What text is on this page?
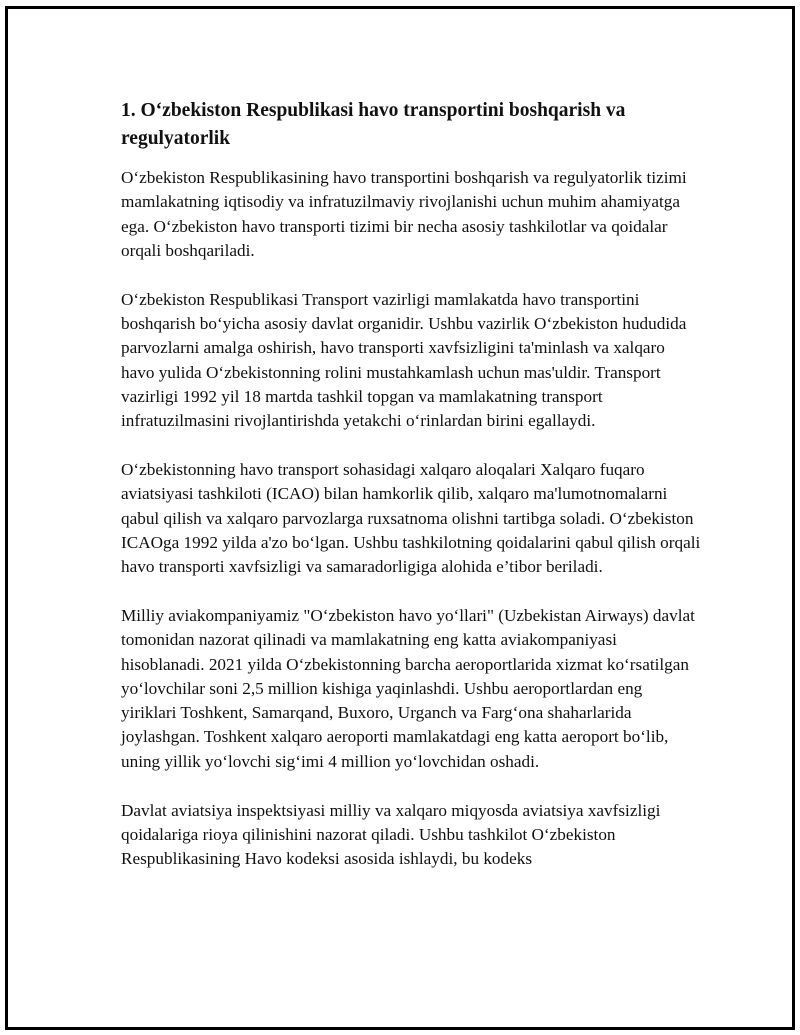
1. O‘zbekiston Respublikasi havo transportini boshqarish va regulyatorlik

O‘zbekiston Respublikasining havo transportini boshqarish va regulyatorlik tizimi mamlakatning iqtisodiy va infratuzilmaviy rivojlanishi uchun muhim ahamiyatga ega. O‘zbekiston havo transporti tizimi bir necha asosiy tashkilotlar va qoidalar orqali boshqariladi.

O‘zbekiston Respublikasi Transport vazirligi mamlakatda havo transportini boshqarish bo‘yicha asosiy davlat organidir. Ushbu vazirlik O‘zbekiston hududida parvozlarni amalga oshirish, havo transporti xavfsizligini ta'minlash va xalqaro havo yulida O‘zbekistonning rolini mustahkamlash uchun mas'uldir. Transport vazirligi 1992 yil 18 martda tashkil topgan va mamlakatning transport infratuzilmasini rivojlantirishda yetakchi o‘rinlardan birini egallaydi.

O‘zbekistonning havo transport sohasidagi xalqaro aloqalari Xalqaro fuqaro aviatsiyasi tashkiloti (ICAO) bilan hamkorlik qilib, xalqaro ma'lumotnomalarni qabul qilish va xalqaro parvozlarga ruxsatnoma olishni tartibga soladi. O‘zbekiston ICAOga 1992 yilda a'zo bo‘lgan. Ushbu tashkilotning qoidalarini qabul qilish orqali havo transporti xavfsizligi va samaradorligiga alohida e’tibor beriladi.

Milliy aviakompaniyamiz "O‘zbekiston havo yo‘llari" (Uzbekistan Airways) davlat tomonidan nazorat qilinadi va mamlakatning eng katta aviakompaniyasi hisoblanadi. 2021 yilda O‘zbekistonning barcha aeroportlarida xizmat ko‘rsatilgan yo‘lovchilar soni 2,5 million kishiga yaqinlashdi. Ushbu aeroportlardan eng yiriklari Toshkent, Samarqand, Buxoro, Urganch va Farg‘ona shaharlarida joylashgan. Toshkent xalqaro aeroporti mamlakatdagi eng katta aeroport bo‘lib, uning yillik yo‘lovchi sig‘imi 4 million yo‘lovchidan oshadi.

Davlat aviatsiya inspektsiyasi milliy va xalqaro miqyosda aviatsiya xavfsizligi qoidalariga rioya qilinishini nazorat qiladi. Ushbu tashkilot O‘zbekiston Respublikasining Havo kodeksi asosida ishlaydi, bu kodeks
